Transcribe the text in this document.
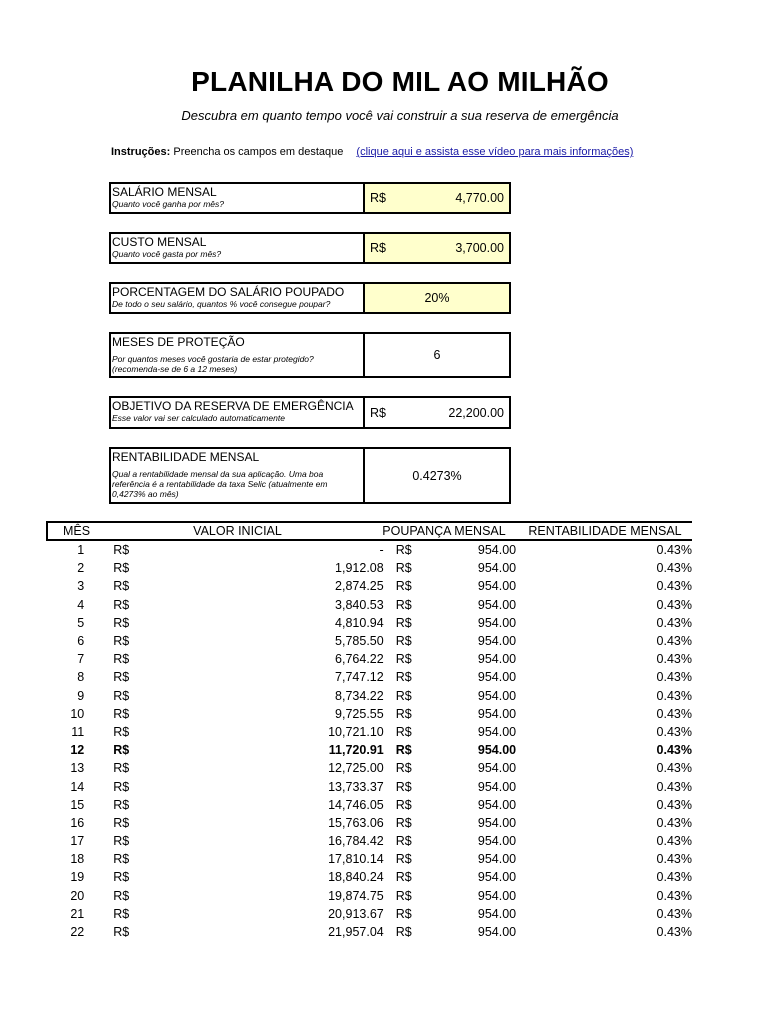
PLANILHA DO MIL AO MILHÃO
Descubra em quanto tempo você vai construir a sua reserva de emergência
Instruções: Preencha os campos em destaque (clique aqui e assista esse vídeo para mais informações)
SALÁRIO MENSAL
Quanto você ganha por mês?	R$	4,770.00
CUSTO MENSAL
Quanto você gasta por mês?	R$	3,700.00
PORCENTAGEM DO SALÁRIO POUPADO
De todo o seu salário, quantos % você consegue poupar?	20%
MESES DE PROTEÇÃO
Por quantos meses você gostaria de estar protegido? (recomenda-se de 6 a 12 meses)
6
OBJETIVO DA RESERVA DE EMERGÊNCIA
Esse valor vai ser calculado automaticamente	R$	22,200.00
RENTABILIDADE MENSAL
Qual a rentabilidade mensal da sua aplicação. Uma boa referência é a rentabilidade da taxa Selic (atualmente em 0,4273% ao mês)
0.4273%
MÊS	VALOR INICIAL	POUPANÇA MENSAL	RENTABILIDADE MENSAL
1	R$	- R$	954.00	0.43%
2	R$	1,912.08 R$	954.00	0.43%
3	R$	2,874.25 R$	954.00	0.43%
4	R$	3,840.53 R$	954.00	0.43%
5	R$	4,810.94 R$	954.00	0.43%
6	R$	5,785.50 R$	954.00	0.43%
7	R$	6,764.22 R$	954.00	0.43%
8	R$	7,747.12 R$	954.00	0.43%
9	R$	8,734.22 R$	954.00	0.43%
10	R$	9,725.55 R$	954.00	0.43%
11	R$	10,721.10 R$	954.00	0.43%
12	R$	11,720.91 R$	954.00	0.43%
13	R$	12,725.00 R$	954.00	0.43%
14	R$	13,733.37 R$	954.00	0.43%
15	R$	14,746.05 R$	954.00	0.43%
16	R$	15,763.06 R$	954.00	0.43%
17	R$	16,784.42 R$	954.00	0.43%
18	R$	17,810.14 R$	954.00	0.43%
19	R$	18,840.24 R$	954.00	0.43%
20	R$	19,874.75 R$	954.00	0.43%
21	R$	20,913.67 R$	954.00	0.43%
22	R$	21,957.04 R$	954.00	0.43%
